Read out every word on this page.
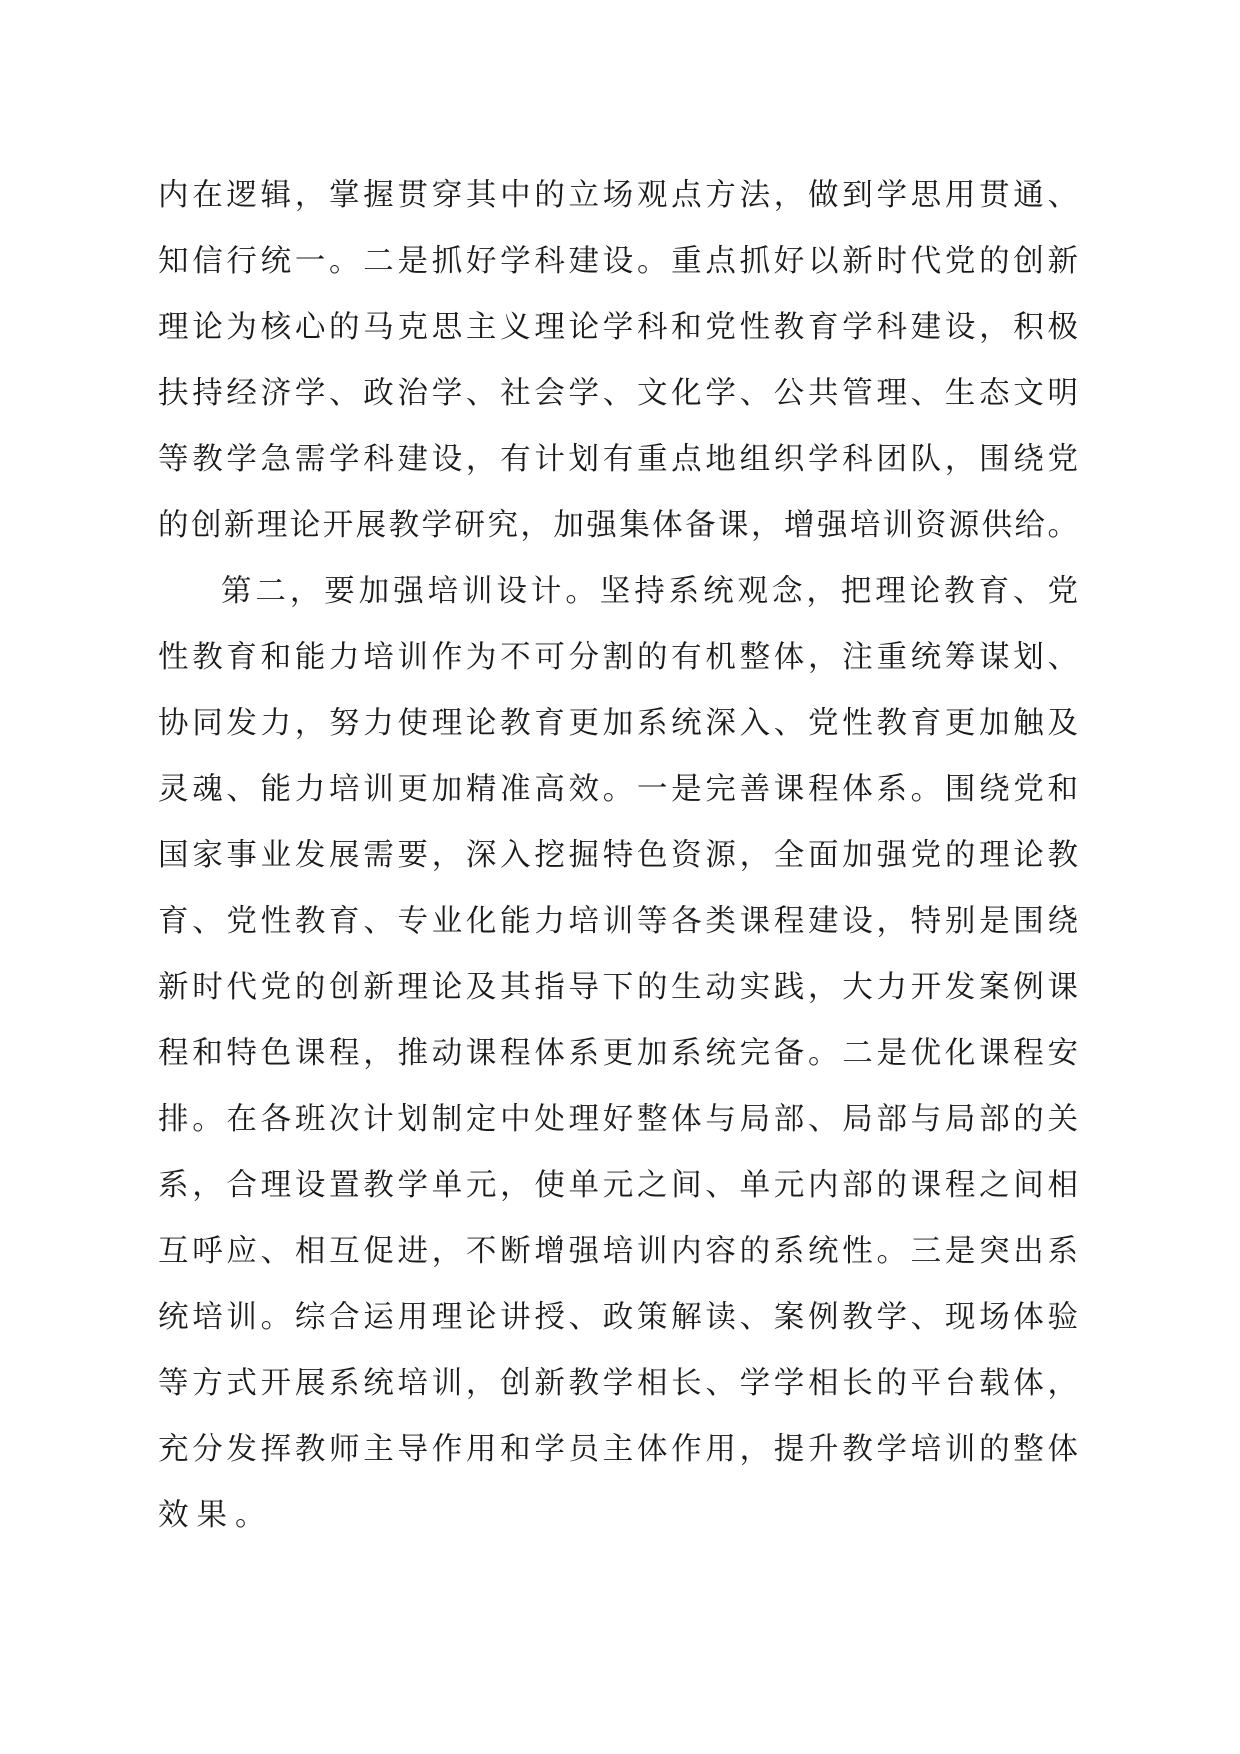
内在逻辑，掌握贯穿其中的立场观点方法，做到学思用贯通、
知信行统一。二是抓好学科建设。重点抓好以新时代党的创新
理论为核心的马克思主义理论学科和党性教育学科建设，积极
扶持经济学、政治学、社会学、文化学、公共管理、生态文明
等教学急需学科建设，有计划有重点地组织学科团队，围绕党
的创新理论开展教学研究，加强集体备课，增强培训资源供给。
第二，要加强培训设计。坚持系统观念，把理论教育、党
性教育和能力培训作为不可分割的有机整体，注重统筹谋划、
协同发力，努力使理论教育更加系统深入、党性教育更加触及
灵魂、能力培训更加精准高效。一是完善课程体系。围绕党和
国家事业发展需要，深入挖掘特色资源，全面加强党的理论教
育、党性教育、专业化能力培训等各类课程建设，特别是围绕
新时代党的创新理论及其指导下的生动实践，大力开发案例课
程和特色课程，推动课程体系更加系统完备。二是优化课程安
排。在各班次计划制定中处理好整体与局部、局部与局部的关
系，合理设置教学单元，使单元之间、单元内部的课程之间相
互呼应、相互促进，不断增强培训内容的系统性。三是突出系
统培训。综合运用理论讲授、政策解读、案例教学、现场体验
等方式开展系统培训，创新教学相长、学学相长的平台载体，
充分发挥教师主导作用和学员主体作用，提升教学培训的整体
效果。
